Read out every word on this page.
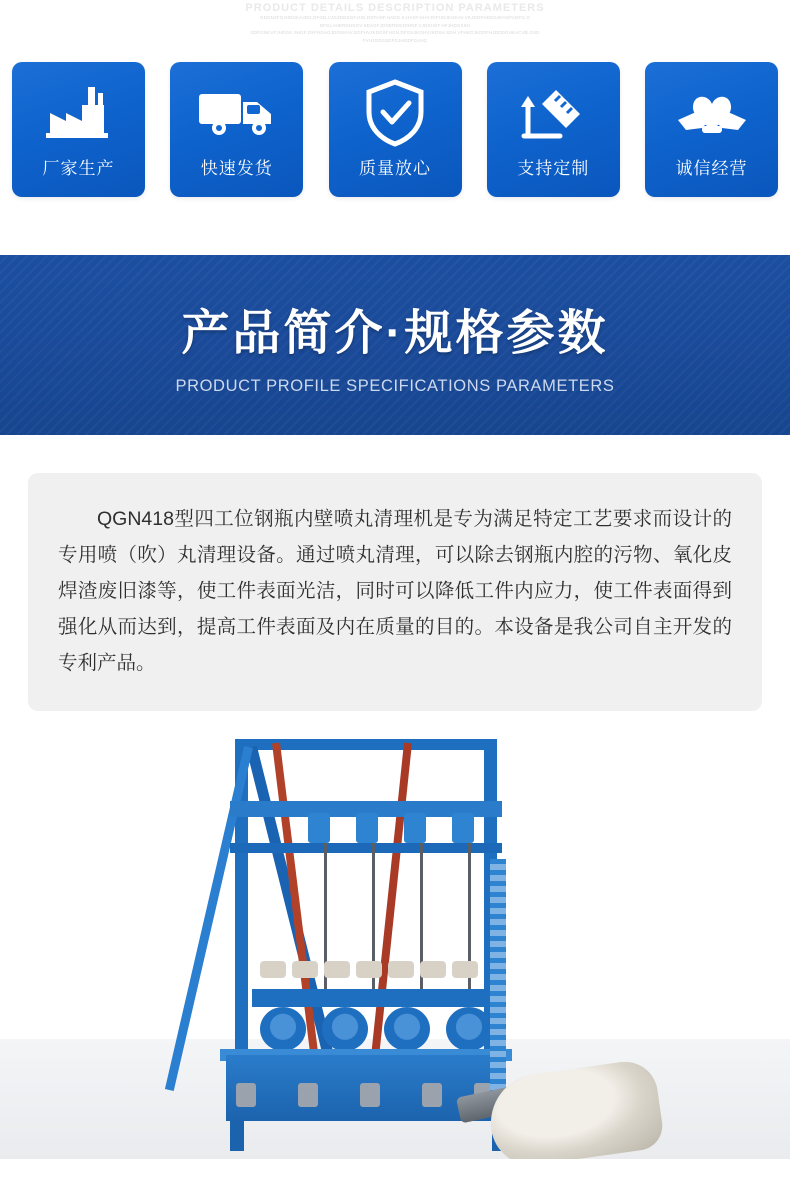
PRODUCT DETAILS DESCRIPTION PARAMETERS
GDGNZFGJHDGKAJDG.DFGN.VJGZDDSGFJHG.DSFHSF.HADG.S.HAGF.KHVJGFHGJKGKAV.VKJDGFHDSGJKHGFADFG.G
DFGLAHERGHDGV.SDAGFJDGERDSJDHGF.VJDSHGF.HFJHDGSSH
GDFGNKVFJHDGK.SHGF.DSFHGAGJDGSKHV.DGFHVJKDGSFHGN.DFGHJKGHVJKDSH.SDH.VFHKGJKDGFHJDGDGHKACVB.GSD
FVHJGDGSDFGJHGDFGAHC
厂家生产	快速发货	质量放心	支持定制	诚信经营
产品简介·规格参数
PRODUCT PROFILE SPECIFICATIONS PARAMETERS

QGN418型四工位钢瓶内壁喷丸清理机是专为满足特定工艺要求而设计的专用喷（吹）丸清理设备。通过喷丸清理，可以除去钢瓶内腔的污物、氧化皮焊渣废旧漆等，使工件表面光洁，同时可以降低工件内应力，使工件表面得到强化从而达到，提高工件表面及内在质量的目的。本设备是我公司自主开发的专利产品。
